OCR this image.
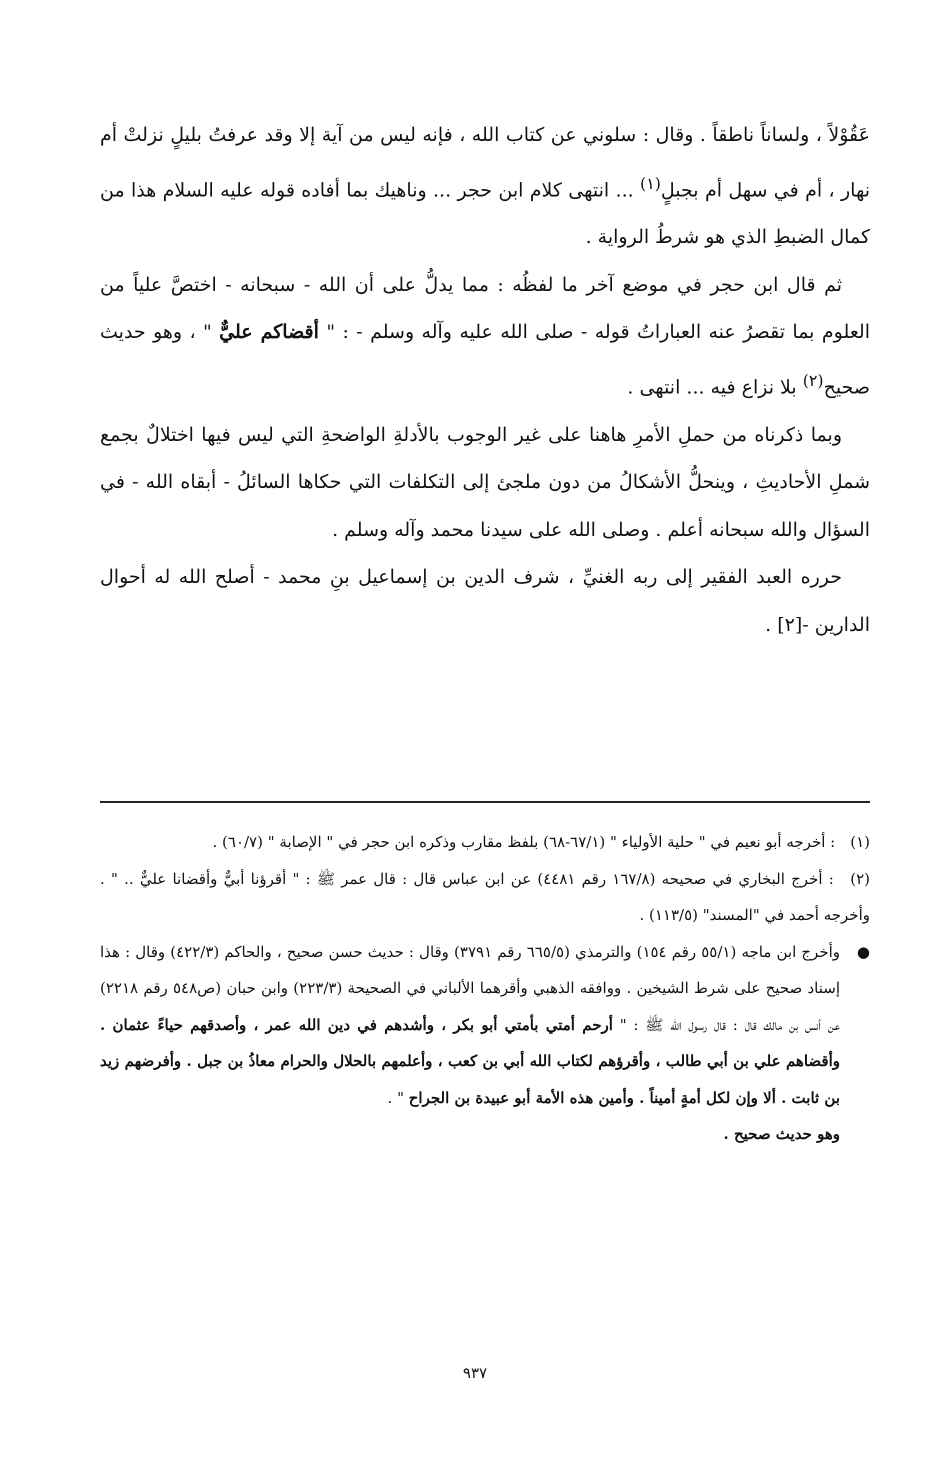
عَقُوْلاً ، ولساناً ناطقاً . وقال : سلوني عن كتاب الله ، فإنه ليس من آية إلا وقد عرفتُ بليلٍ نزلتْ أم نهار ، أم في سهل أم بجبلٍ$^{(١)}$ ... انتهى كلام ابن حجر ... وناهيك بما أفاده قوله عليه السلام هذا من كمال الضبطِ الذي هو شرطُ الرواية .

ثم قال ابن حجر في موضع آخر ما لفظُه : مما يدلُّ على أن الله - سبحانه - اختصَّ علياً من العلوم بما تقصرُ عنه العباراتُ قوله - صلى الله عليه وآله وسلم - : " أقضاكم عليٌّ " ، وهو حديث صحيح$^{(٢)}$ بلا نزاع فيه ... انتهى .

وبما ذكرناه من حملِ الأمرِ هاهنا على غير الوجوب بالأدلةِ الواضحةِ التي ليس فيها اختلالٌ بجمع شملِ الأحاديثِ ، وينحلُّ الأشكالُ من دون ملجئ إلى التكلفات التي حكاها السائلُ - أبقاه الله - في السؤال والله سبحانه أعلم . وصلى الله على سيدنا محمد وآله وسلم .

حرره العبد الفقير إلى ربه الغنيِّ ، شرف الدين بن إسماعيل بنِ محمد - أصلح الله له أحوال الدارين -[٢] .

(١) : أخرجه أبو نعيم في " حلية الأولياء " (٦٧/١-٦٨) بلفظ مقارب وذكره ابن حجر في " الإصابة " (٦٠/٧) .

(٢) : أخرج البخاري في صحيحه (١٦٧/٨ رقم ٤٤٨١) عن ابن عباس قال : قال عمر ﷺ : " أقرؤنا أبيٌّ وأقضانا عليٌّ .. " . وأخرجه أحمد في "المسند" (١١٣/٥) .

●
وأخرج ابن ماجه (٥٥/١ رقم ١٥٤) والترمذي (٦٦٥/٥ رقم ٣٧٩١) وقال : حديث حسن صحيح ، والحاكم (٤٢٢/٣) وقال : هذا إسناد صحيح على شرط الشيخين . ووافقه الذهبي وأقرهما الألباني في الصحيحة (٢٢٣/٣) وابن حبان (ص٥٤٨ رقم ٢٢١٨) عن أنس بن مالك قال : قال رسول الله ﷺ : " أرحم أمتي بأمتي أبو بكر ، وأشدهم في دين الله عمر ، وأصدقهم حياءً عثمان . وأقضاهم علي بن أبي طالب ، وأقرؤهم لكتاب الله أبي بن كعب ، وأعلمهم بالحلال والحرام معاذُ بن جبل . وأفرضهم زيد بن ثابت . ألا وإن لكل أمةٍ أميناً . وأمين هذه الأمة أبو عبيدة بن الجراح " .

وهو حديث صحيح .

٩٣٧
